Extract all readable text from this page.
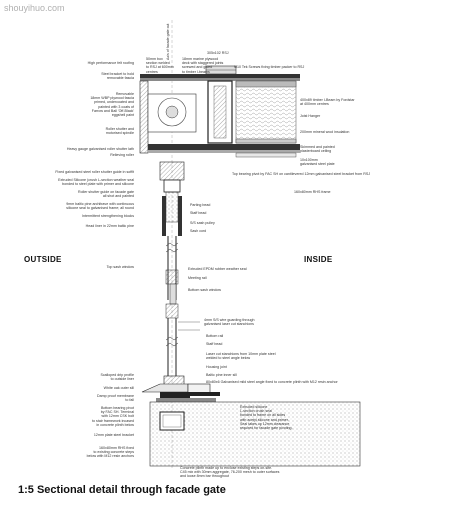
shouyihuo.com
Axis of facade gate cut
OUTSIDE	INSIDE
High performance felt roofing
Steel bracket to hold
removable fascia
Removable
18mm WBP plywood fascia
primed, undercoated and
painted with 3 coats of
Farrow and Ball 'Off-Black'
eggshell paint
Roller shutter and
motorised spindle
Heavy gauge galvanised roller shutter lath
Relieving roller
Fixed galvanised steel roller shutter guide in soffit
Extruded Silicone (crush L-section weather seal
bonded to steel plate with primer and silicone
Roller shutter guide on facade gate
all shot and painted
9mm baltic pine architrave with continuous
silicone seal to galvanised frame; all round
Intermittent strengthening blocks
Head liner in 22mm baltic pine
Top sash window
Scalloped drip profile
to outside liner
White oak outer sill
Damp proof membrane
to fall
Bottom bearing pivot
by FAC SH. Terminal
with 12mm CSK bolt
to stair framework incased
in concrete plinth below
12mm plate steel bracket
160x80mm RHS fixed
to existing concrete steps
below with M12 resin anchors
50mm box
section welded
to RSJ at 600mm
centres
18mm marine plywood
deck with staggered joints
screwed and glued
to timber l-beams
305x102 RSJ
M10 Tek Screws fixing timber packer to RSJ
400x89 timber I-Beam by Fordstar
at 400mm centres
Joist Hanger
200mm mineral wool insulation
Skimmed and painted
plasterboard ceiling
10x100mm
galvanised steel plate
Top bearing pivot by FAC SH on cantilevered 12mm galvanised steel bracket from RSJ
160x80mm RHS frame
Parting bead
Staff bead
S/S sash pulley
Sash cord
Extruded EPDM rubber weather seal
Meeting rail
Bottom sash window
4mm S/S wire guarding through
galvanised laser cut stanchions
Bottom rail
Staff bead
Laser cut stanchions from 10mm plate steel
welded to steel angle below
Housing joint
Baltic pine inner sill
80x80x6 Galvanised mild steel angle fixed to concrete plinth with M12 resin anchor
Extruded silicone
L-section crush seal
bonded to frame on all sides
with acetyl silicone and primer.
Seal takes up 12mm clearance
required for facade gate pivoting.
Concrete plinth made up to enclose existing steps on-site.
C45 mix with 30mm aggregate, 76-200 mesh to outer surfaces
and loose 8mm bar throughout
1:5 Sectional detail through facade gate
